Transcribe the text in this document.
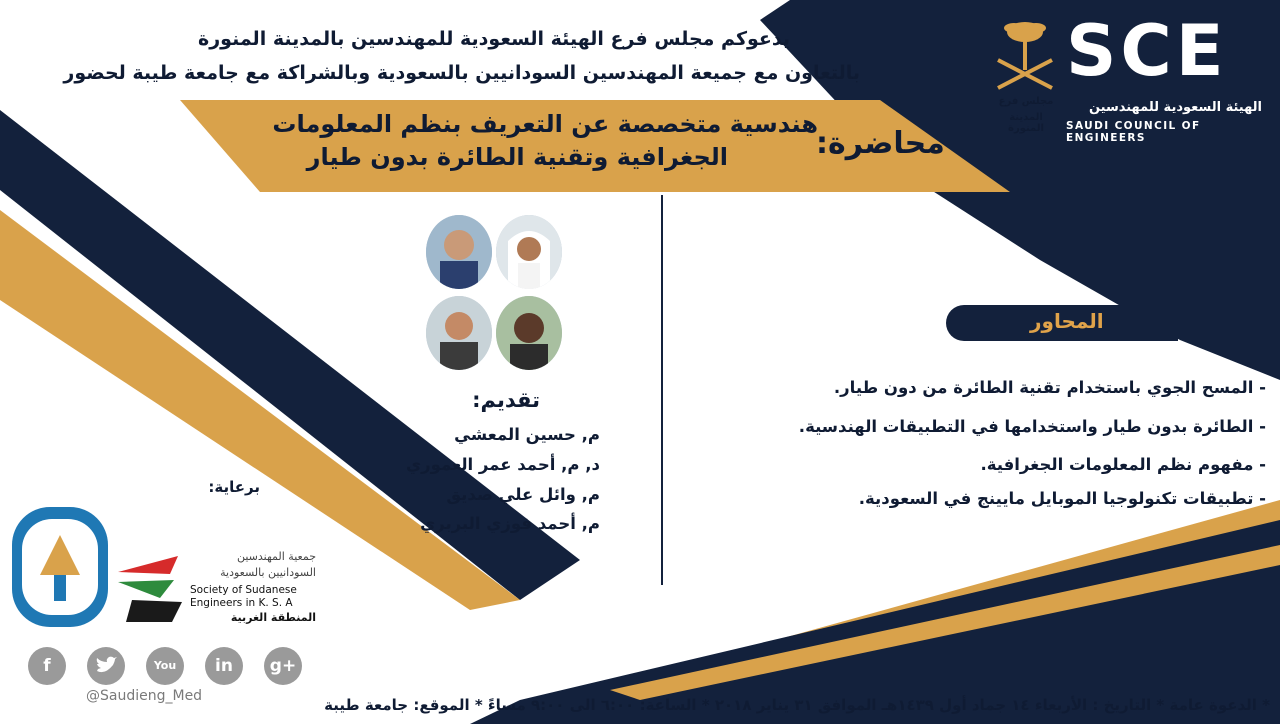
يدعوكم مجلس فرع الهيئة السعودية للمهندسين بالمدينة المنورة
بالتعاون مع جميعة المهندسين السودانيين بالسعودية وبالشراكة مع جامعة طيبة لحضور
محاضرة:
هندسية متخصصة عن التعريف بنظم المعلومات
الجغرافية وتقنية الطائرة بدون طيار
SCE
الهيئة السعودية للمهندسين
SAUDI COUNCIL OF ENGINEERS
مجلس فرع
المدينة المنورة
المحاور
- المسح الجوي باستخدام تقنية الطائرة من دون طيار.
- الطائرة بدون طيار واستخدامها في التطبيقات الهندسية.
- مفهوم نظم المعلومات الجغرافية.
- تطبيقات تكنولوجيا الموبايل مايينج في السعودية.
تقديم:
م, حسين المعشي
د, م, أحمد عمر العموري
م, وائل علي صديق
م, أحمد فوزي البربري
برعاية:
جمعية المهندسين
السودانيين بالسعودية
Society of Sudanese
Engineers in K. S. A
المنطقة الغربية
f	You	in	g+
@Saudieng_Med	* الدعوة عامة * التاريخ : الأربعاء ١٤ جماد أول ١٤٣٩هـ الموافق ٣١ يناير ٢٠١٨ * الساعة: ٦:٠٠ الى ٩:٠٠ مساءً * الموقع: جامعة طيبة
